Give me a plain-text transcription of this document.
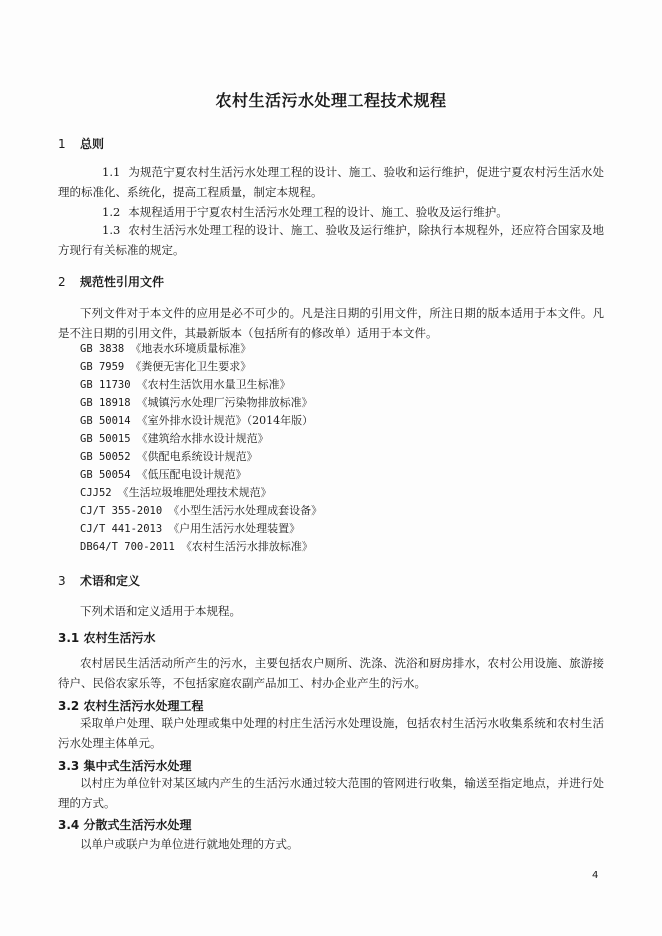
农村生活污水处理工程技术规程
1 总则
1.1 为规范宁夏农村生活污水处理工程的设计、施工、验收和运行维护，促进宁夏农村污生活水处理的标准化、系统化，提高工程质量，制定本规程。
1.2 本规程适用于宁夏农村生活污水处理工程的设计、施工、验收及运行维护。
1.3 农村生活污水处理工程的设计、施工、验收及运行维护，除执行本规程外，还应符合国家及地方现行有关标准的规定。
2 规范性引用文件
下列文件对于本文件的应用是必不可少的。凡是注日期的引用文件，所注日期的版本适用于本文件。凡是不注日期的引用文件，其最新版本（包括所有的修改单）适用于本文件。
GB 3838 《地表水环境质量标准》
GB 7959 《粪便无害化卫生要求》
GB 11730 《农村生活饮用水量卫生标准》
GB 18918 《城镇污水处理厂污染物排放标准》
GB 50014 《室外排水设计规范》（2014年版）
GB 50015 《建筑给水排水设计规范》
GB 50052 《供配电系统设计规范》
GB 50054 《低压配电设计规范》
CJJ52 《生活垃圾堆肥处理技术规范》
CJ/T 355-2010 《小型生活污水处理成套设备》
CJ/T 441-2013 《户用生活污水处理装置》
DB64/T 700-2011 《农村生活污水排放标准》
3 术语和定义
下列术语和定义适用于本规程。
3.1 农村生活污水
农村居民生活活动所产生的污水，主要包括农户厕所、洗涤、洗浴和厨房排水，农村公用设施、旅游接待户、民俗农家乐等，不包括家庭农副产品加工、村办企业产生的污水。
3.2 农村生活污水处理工程
采取单户处理、联户处理或集中处理的村庄生活污水处理设施，包括农村生活污水收集系统和农村生活污水处理主体单元。
3.3 集中式生活污水处理
以村庄为单位针对某区域内产生的生活污水通过较大范围的管网进行收集，输送至指定地点，并进行处理的方式。
3.4 分散式生活污水处理
以单户或联户为单位进行就地处理的方式。
4
